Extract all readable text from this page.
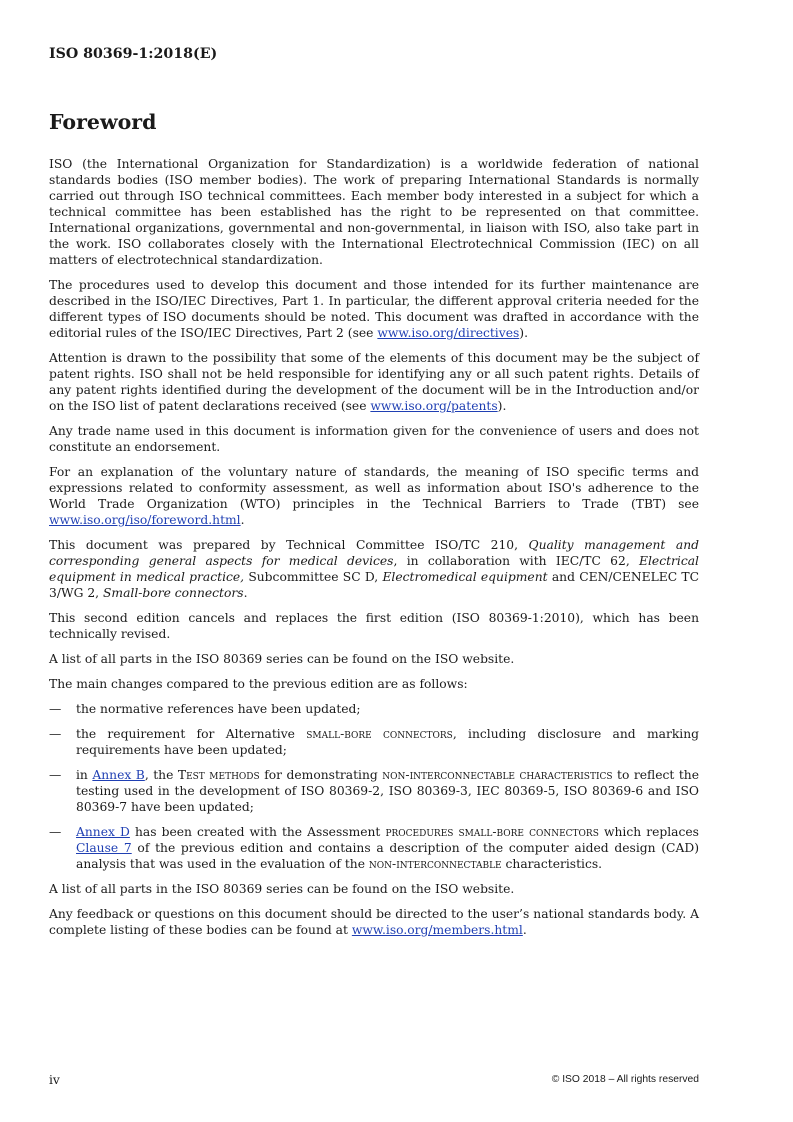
ISO 80369-1:2018(E)
Foreword

ISO (the International Organization for Standardization) is a worldwide federation of national standards bodies (ISO member bodies). The work of preparing International Standards is normally carried out through ISO technical committees. Each member body interested in a subject for which a technical committee has been established has the right to be represented on that committee. International organizations, governmental and non-governmental, in liaison with ISO, also take part in the work. ISO collaborates closely with the International Electrotechnical Commission (IEC) on all matters of electrotechnical standardization.

The procedures used to develop this document and those intended for its further maintenance are described in the ISO/IEC Directives, Part 1. In particular, the different approval criteria needed for the different types of ISO documents should be noted. This document was drafted in accordance with the editorial rules of the ISO/IEC Directives, Part 2 (see www.iso.org/directives).

Attention is drawn to the possibility that some of the elements of this document may be the subject of patent rights. ISO shall not be held responsible for identifying any or all such patent rights. Details of any patent rights identified during the development of the document will be in the Introduction and/or on the ISO list of patent declarations received (see www.iso.org/patents).

Any trade name used in this document is information given for the convenience of users and does not constitute an endorsement.

For an explanation of the voluntary nature of standards, the meaning of ISO specific terms and expressions related to conformity assessment, as well as information about ISO's adherence to the World Trade Organization (WTO) principles in the Technical Barriers to Trade (TBT) see www.iso.org/iso/foreword.html.

This document was prepared by Technical Committee ISO/TC 210, Quality management and corresponding general aspects for medical devices, in collaboration with IEC/TC 62, Electrical equipment in medical practice, Subcommittee SC D, Electromedical equipment and CEN/CENELEC TC 3/WG 2, Small-bore connectors.

This second edition cancels and replaces the first edition (ISO 80369-1:2010), which has been technically revised.

A list of all parts in the ISO 80369 series can be found on the ISO website.

The main changes compared to the previous edition are as follows:

— the normative references have been updated;
— the requirement for Alternative small-bore connectors, including disclosure and marking requirements have been updated;
— in Annex B, the Test methods for demonstrating non-interconnectable characteristics to reflect the testing used in the development of ISO 80369-2, ISO 80369-3, IEC 80369-5, ISO 80369-6 and ISO 80369-7 have been updated;
— Annex D has been created with the Assessment procedures small-bore connectors which replaces Clause 7 of the previous edition and contains a description of the computer aided design (CAD) analysis that was used in the evaluation of the non-interconnectable characteristics.

A list of all parts in the ISO 80369 series can be found on the ISO website.

Any feedback or questions on this document should be directed to the user’s national standards body. A complete listing of these bodies can be found at www.iso.org/members.html.

iv	© ISO 2018 – All rights reserved
